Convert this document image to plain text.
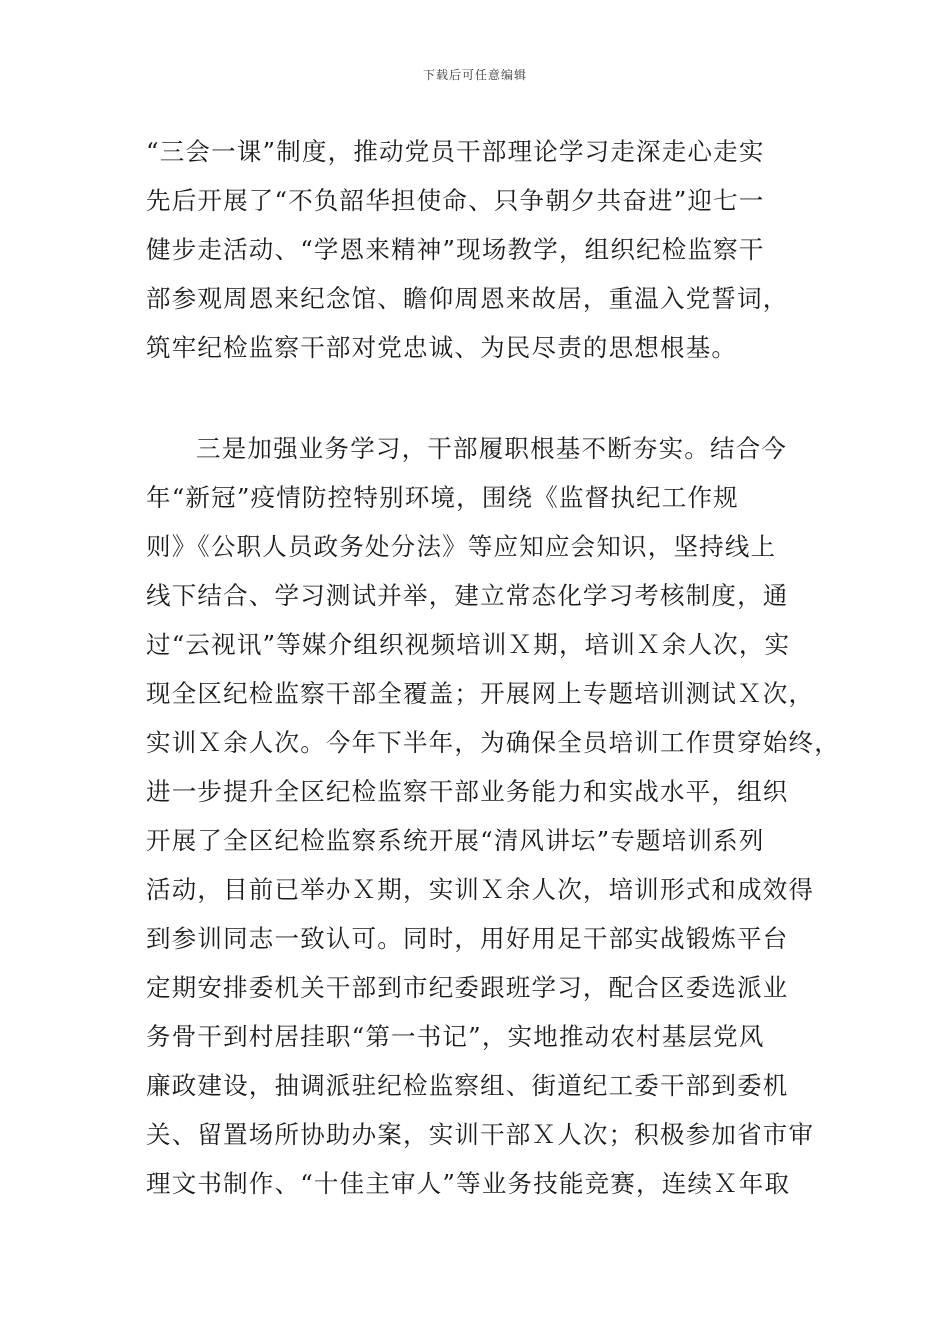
下载后可任意编辑
“三会一课”制度，推动党员干部理论学习走深走心走实
先后开展了“不负韶华担使命、只争朝夕共奋进”迎七一
健步走活动、“学恩来精神”现场教学，组织纪检监察干
部参观周恩来纪念馆、瞻仰周恩来故居，重温入党誓词，
筑牢纪检监察干部对党忠诚、为民尽责的思想根基。
三是加强业务学习，干部履职根基不断夯实。结合今
年“新冠”疫情防控特别环境，围绕《监督执纪工作规
则》《公职人员政务处分法》等应知应会知识，坚持线上
线下结合、学习测试并举，建立常态化学习考核制度，通
过“云视讯”等媒介组织视频培训Ｘ期，培训Ｘ余人次，实
现全区纪检监察干部全覆盖；开展网上专题培训测试Ｘ次，
实训Ｘ余人次。今年下半年，为确保全员培训工作贯穿始终，
进一步提升全区纪检监察干部业务能力和实战水平，组织
开展了全区纪检监察系统开展“清风讲坛”专题培训系列
活动，目前已举办Ｘ期，实训Ｘ余人次，培训形式和成效得
到参训同志一致认可。同时，用好用足干部实战锻炼平台
定期安排委机关干部到市纪委跟班学习，配合区委选派业
务骨干到村居挂职“第一书记”，实地推动农村基层党风
廉政建设，抽调派驻纪检监察组、街道纪工委干部到委机
关、留置场所协助办案，实训干部Ｘ人次；积极参加省市审
理文书制作、“十佳主审人”等业务技能竞赛，连续Ｘ年取
